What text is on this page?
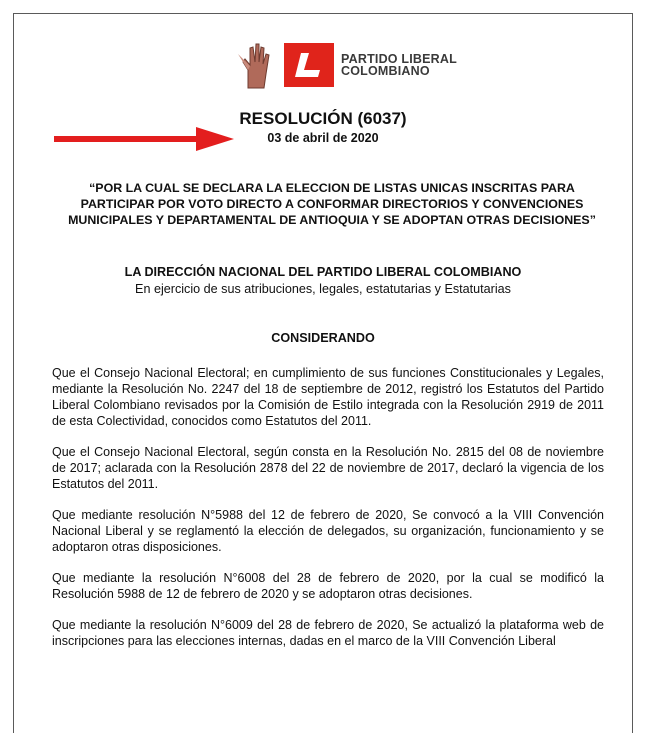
PARTIDO LIBERAL
COLOMBIANO
RESOLUCIÓN (6037)
03 de abril de 2020
“POR LA CUAL SE DECLARA LA ELECCION DE LISTAS UNICAS INSCRITAS PARA
PARTICIPAR POR VOTO DIRECTO A CONFORMAR DIRECTORIOS Y CONVENCIONES
MUNICIPALES Y DEPARTAMENTAL DE ANTIOQUIA Y SE ADOPTAN OTRAS DECISIONES”
LA DIRECCIÓN NACIONAL DEL PARTIDO LIBERAL COLOMBIANO
En ejercicio de sus atribuciones, legales, estatutarias y Estatutarias
CONSIDERANDO

Que el Consejo Nacional Electoral; en cumplimiento de sus funciones Constitucionales y Legales, mediante la Resolución No. 2247 del 18 de septiembre de 2012, registró los Estatutos del Partido Liberal Colombiano revisados por la Comisión de Estilo integrada con la Resolución 2919 de 2011 de esta Colectividad, conocidos como Estatutos del 2011.

Que el Consejo Nacional Electoral, según consta en la Resolución No. 2815 del 08 de noviembre de 2017; aclarada con la Resolución 2878 del 22 de noviembre de 2017, declaró la vigencia de los Estatutos del 2011.

Que mediante resolución N°5988 del 12 de febrero de 2020, Se convocó a la VIII Convención Nacional Liberal y se reglamentó la elección de delegados, su organización, funcionamiento y se adoptaron otras disposiciones.

Que mediante la resolución N°6008 del 28 de febrero de 2020, por la cual se modificó la Resolución 5988 de 12 de febrero de 2020 y se adoptaron otras decisiones.

Que mediante la resolución N°6009 del 28 de febrero de 2020, Se actualizó la plataforma web de inscripciones para las elecciones internas, dadas en el marco de la VIII Convención Liberal
